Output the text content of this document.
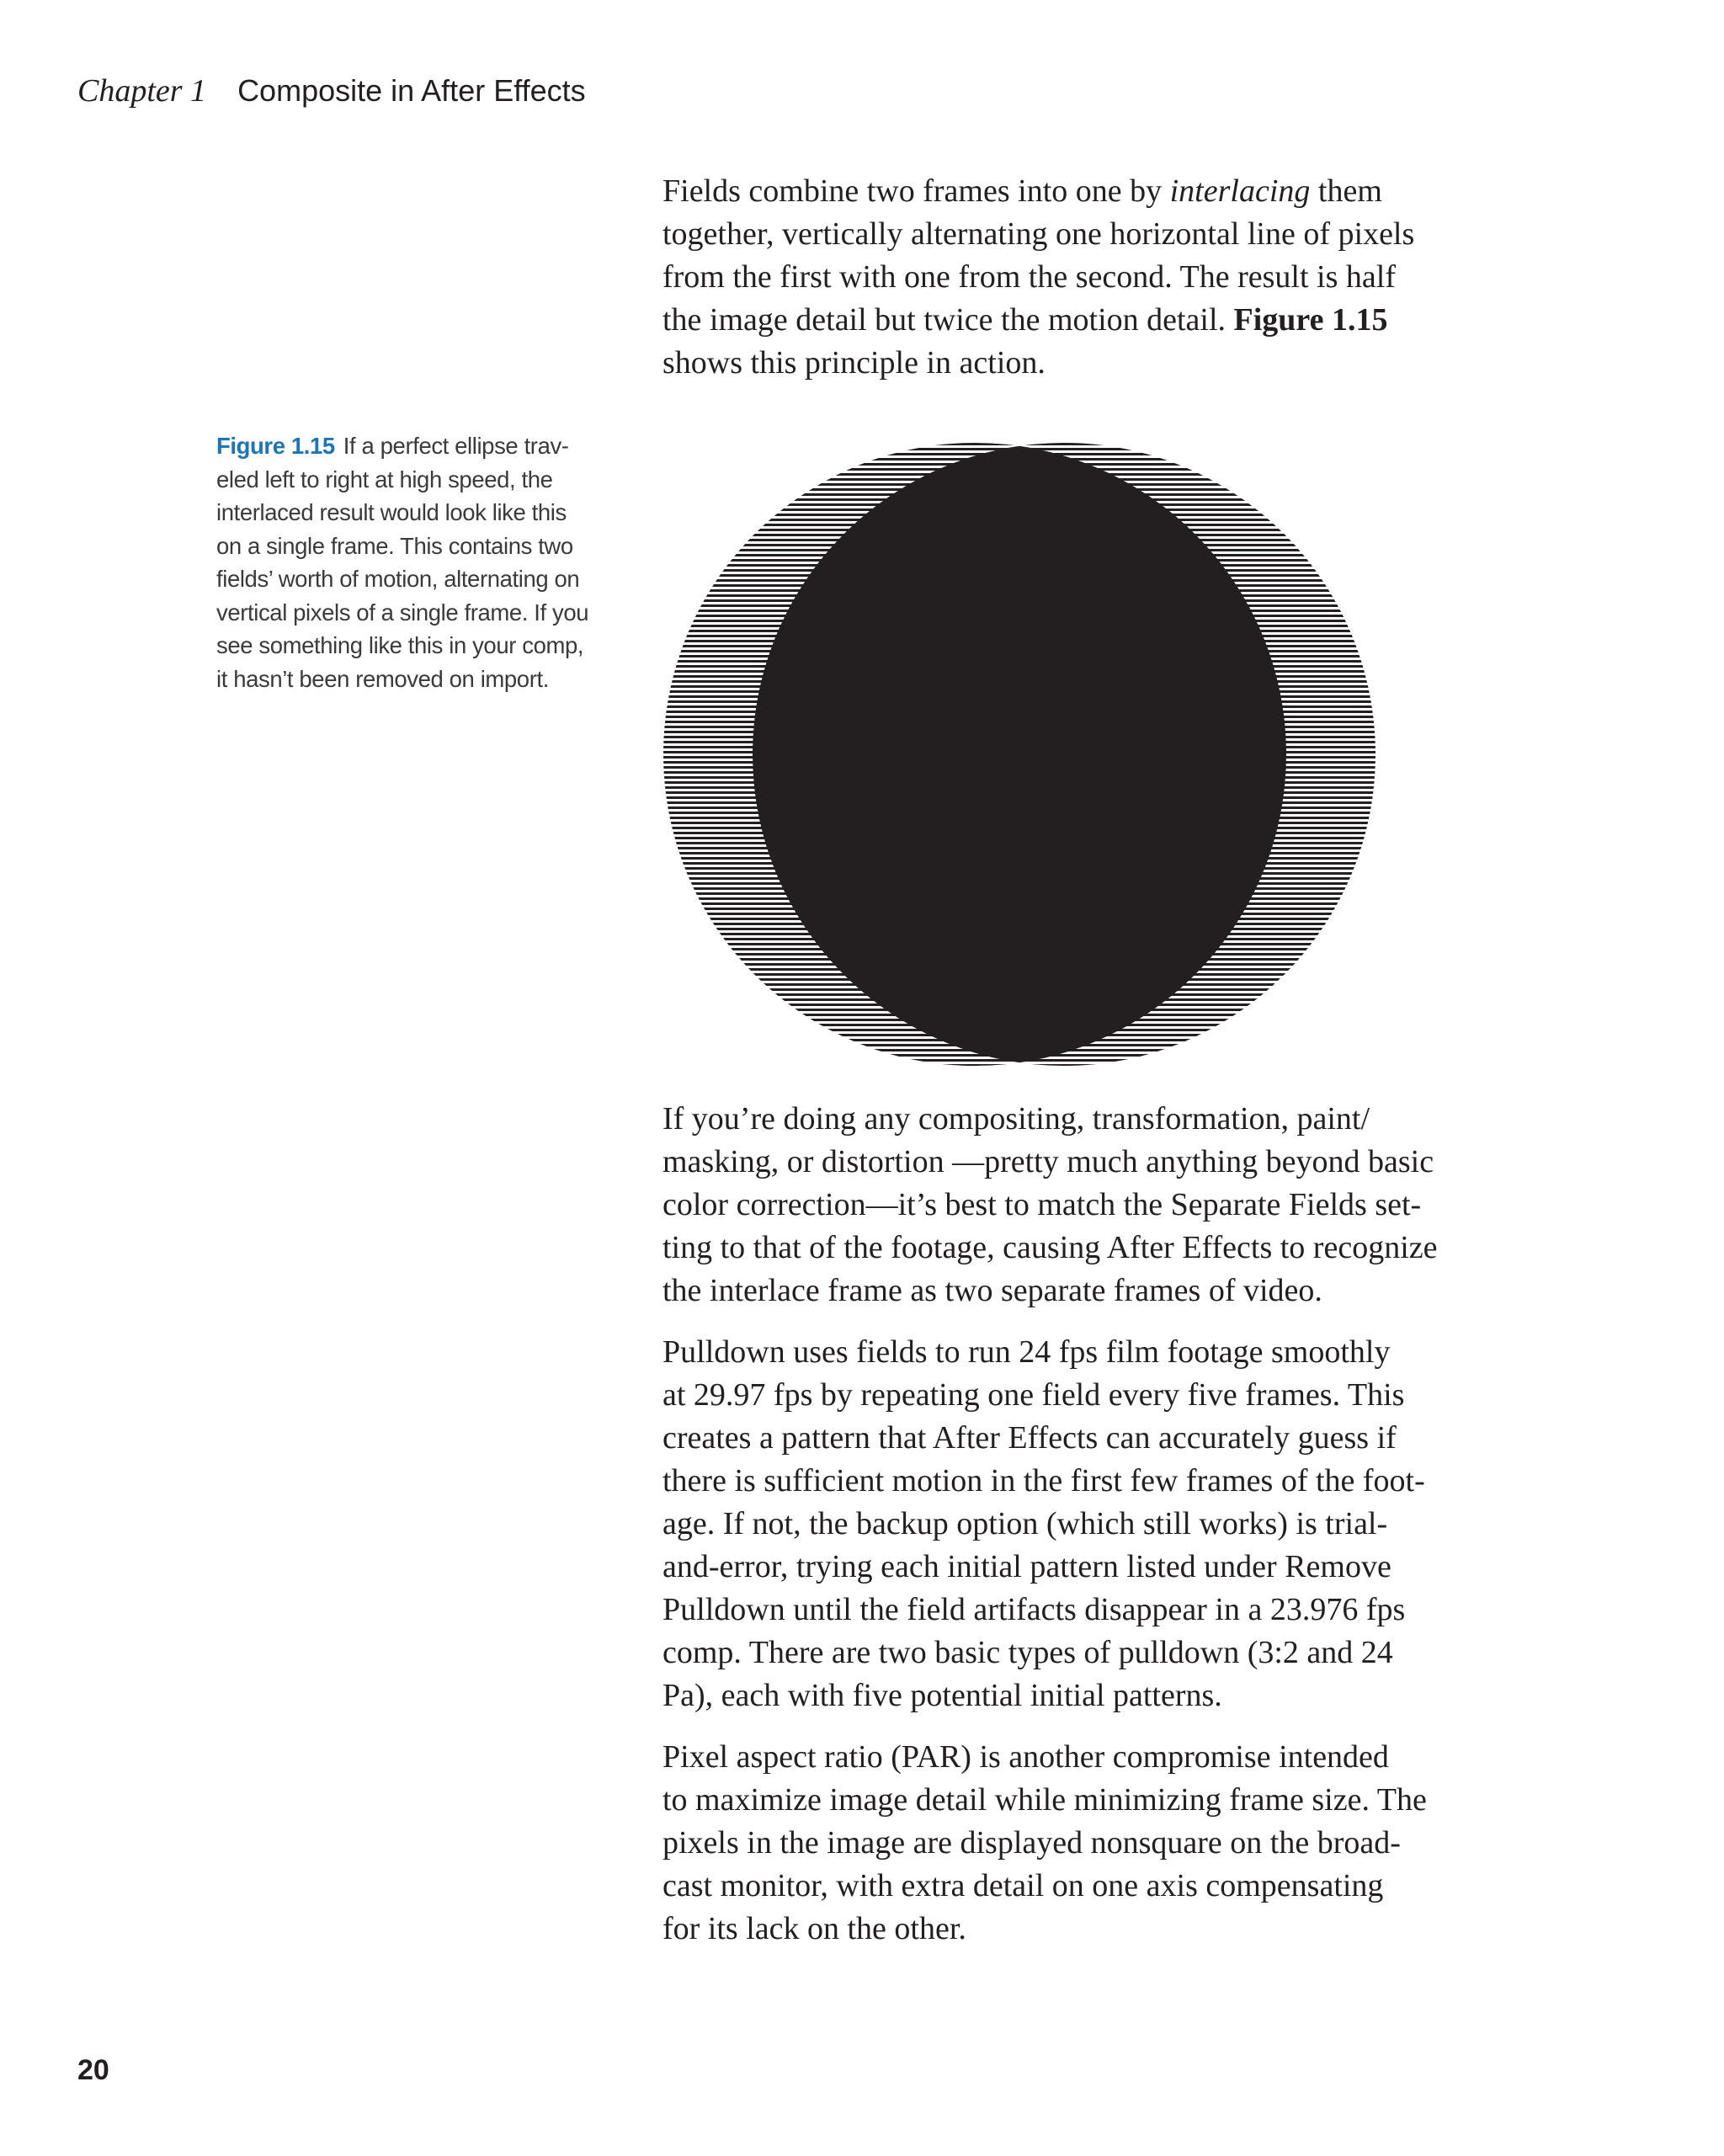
Chapter 1 Composite in After Effects

Fields combine two frames into one by interlacing them

together, vertically alternating one horizontal line of pixels

from the first with one from the second. The result is half

the image detail but twice the motion detail. Figure 1.15

shows this principle in action.

Figure 1.15 If a perfect ellipse trav-
eled left to right at high speed, the
interlaced result would look like this
on a single frame. This contains two
fields’ worth of motion, alternating on
vertical pixels of a single frame. If you
see something like this in your comp,
it hasn’t been removed on import.

If you’re doing any compositing, transformation, paint/

masking, or distortion —pretty much anything beyond basic

color correction—it’s best to match the Separate Fields set-

ting to that of the footage, causing After Effects to recognize

the interlace frame as two separate frames of video.

Pulldown uses fields to run 24 fps film footage smoothly

at 29.97 fps by repeating one field every five frames. This

creates a pattern that After Effects can accurately guess if

there is sufficient motion in the first few frames of the foot-

age. If not, the backup option (which still works) is trial-

and-error, trying each initial pattern listed under Remove

Pulldown until the field artifacts disappear in a 23.976 fps

comp. There are two basic types of pulldown (3:2 and 24

Pa), each with five potential initial patterns.

Pixel aspect ratio (PAR) is another compromise intended

to maximize image detail while minimizing frame size. The

pixels in the image are displayed nonsquare on the broad-

cast monitor, with extra detail on one axis compensating

for its lack on the other.

20
